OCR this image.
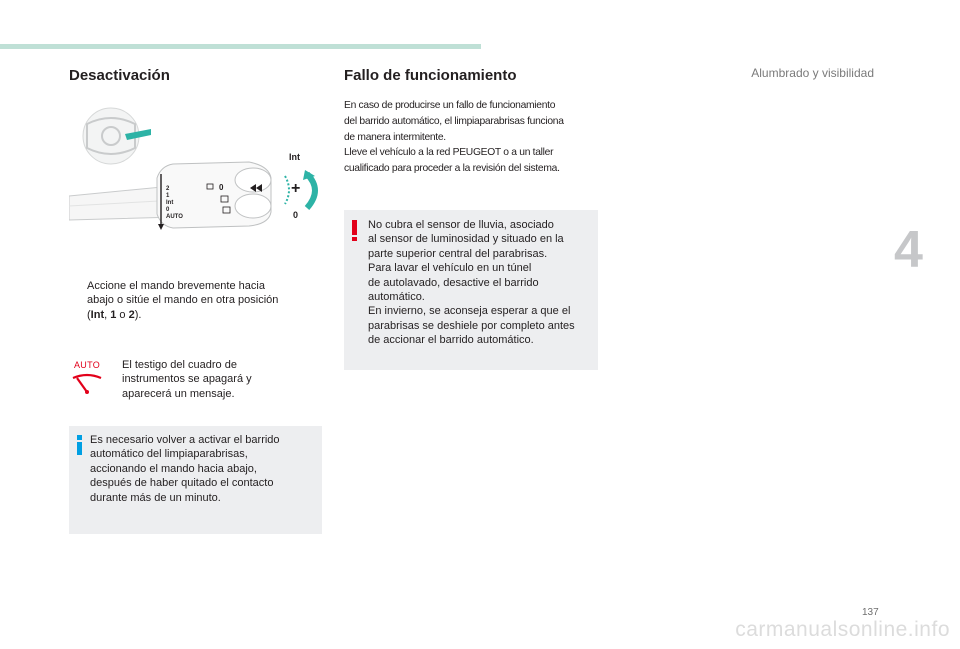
Alumbrado y visibilidad
Desactivación
2
1
Int
0
AUTO
0
Int
+
0
Accione el mando brevemente hacia
abajo o sitúe el mando en otra posición
(Int, 1 o 2).
AUTO	El testigo del cuadro de
instrumentos se apagará y
aparecerá un mensaje.
Es necesario volver a activar el barrido
automático del limpiaparabrisas,
accionando el mando hacia abajo,
después de haber quitado el contacto
durante más de un minuto.
Fallo de funcionamiento
En caso de producirse un fallo de funcionamiento
del barrido automático, el limpiaparabrisas funciona
de manera intermitente.
Lleve el vehículo a la red PEUGEOT o a un taller
cualificado para proceder a la revisión del sistema.
No cubra el sensor de lluvia, asociado
al sensor de luminosidad y situado en la
parte superior central del parabrisas.
Para lavar el vehículo en un túnel
de autolavado, desactive el barrido
automático.
En invierno, se aconseja esperar a que el
parabrisas se deshiele por completo antes
de accionar el barrido automático.
4
137
carmanualsonline.info
